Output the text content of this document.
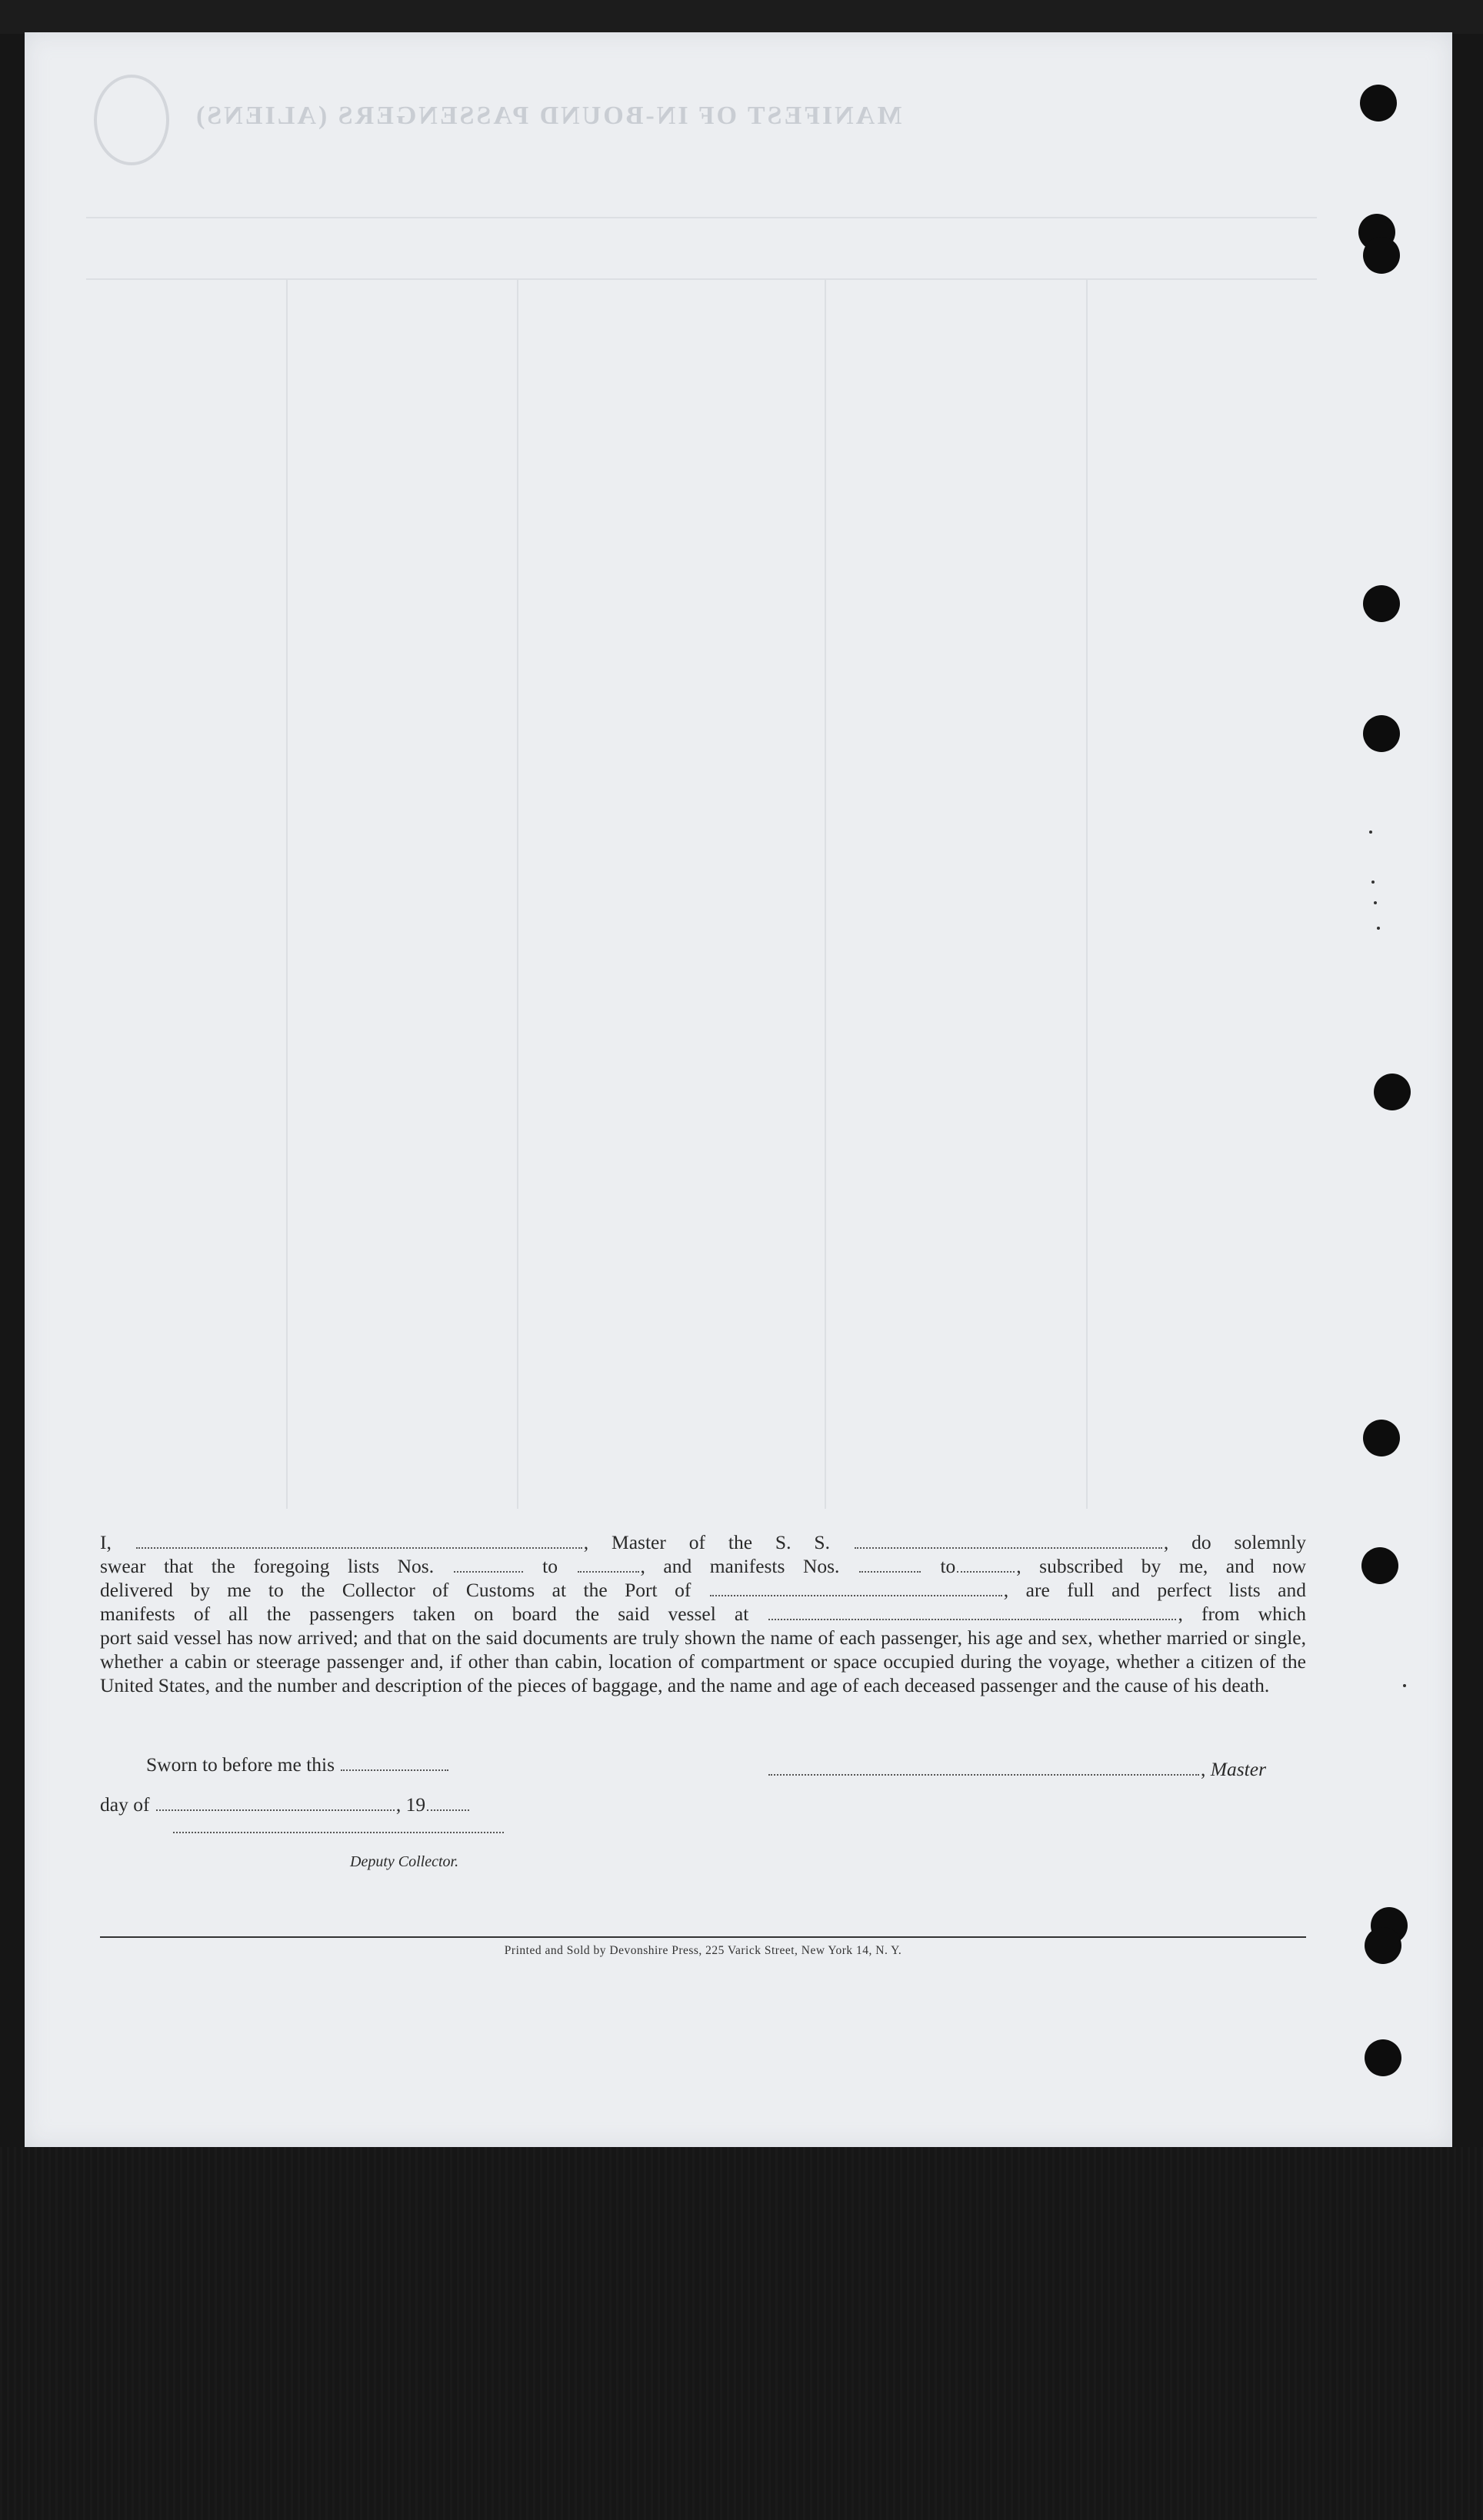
MANIFEST OF IN-BOUND PASSENGERS (ALIENS)

I,	, Master of the S. S.	, do solemnly

swear that the foregoing lists Nos.	to	, and manifests Nos.	to	, subscribed by me, and now

delivered by me to the Collector of Customs at the Port of	, are full and perfect lists and

manifests of all the passengers taken on board the said vessel at	, from which

port said vessel has now arrived; and that on the said documents are truly shown the name of each passenger, his age and sex, whether married or single, whether a cabin or steerage passenger and, if other than cabin, location of compartment or space occupied during the voyage, whether a citizen of the United States, and the number and description of the pieces of baggage, and the name and age of each deceased passenger and the cause of his death.

Sworn to before me this	, Master
day of	, 19
Deputy Collector.
Printed and Sold by Devonshire Press, 225 Varick Street, New York 14, N. Y.
